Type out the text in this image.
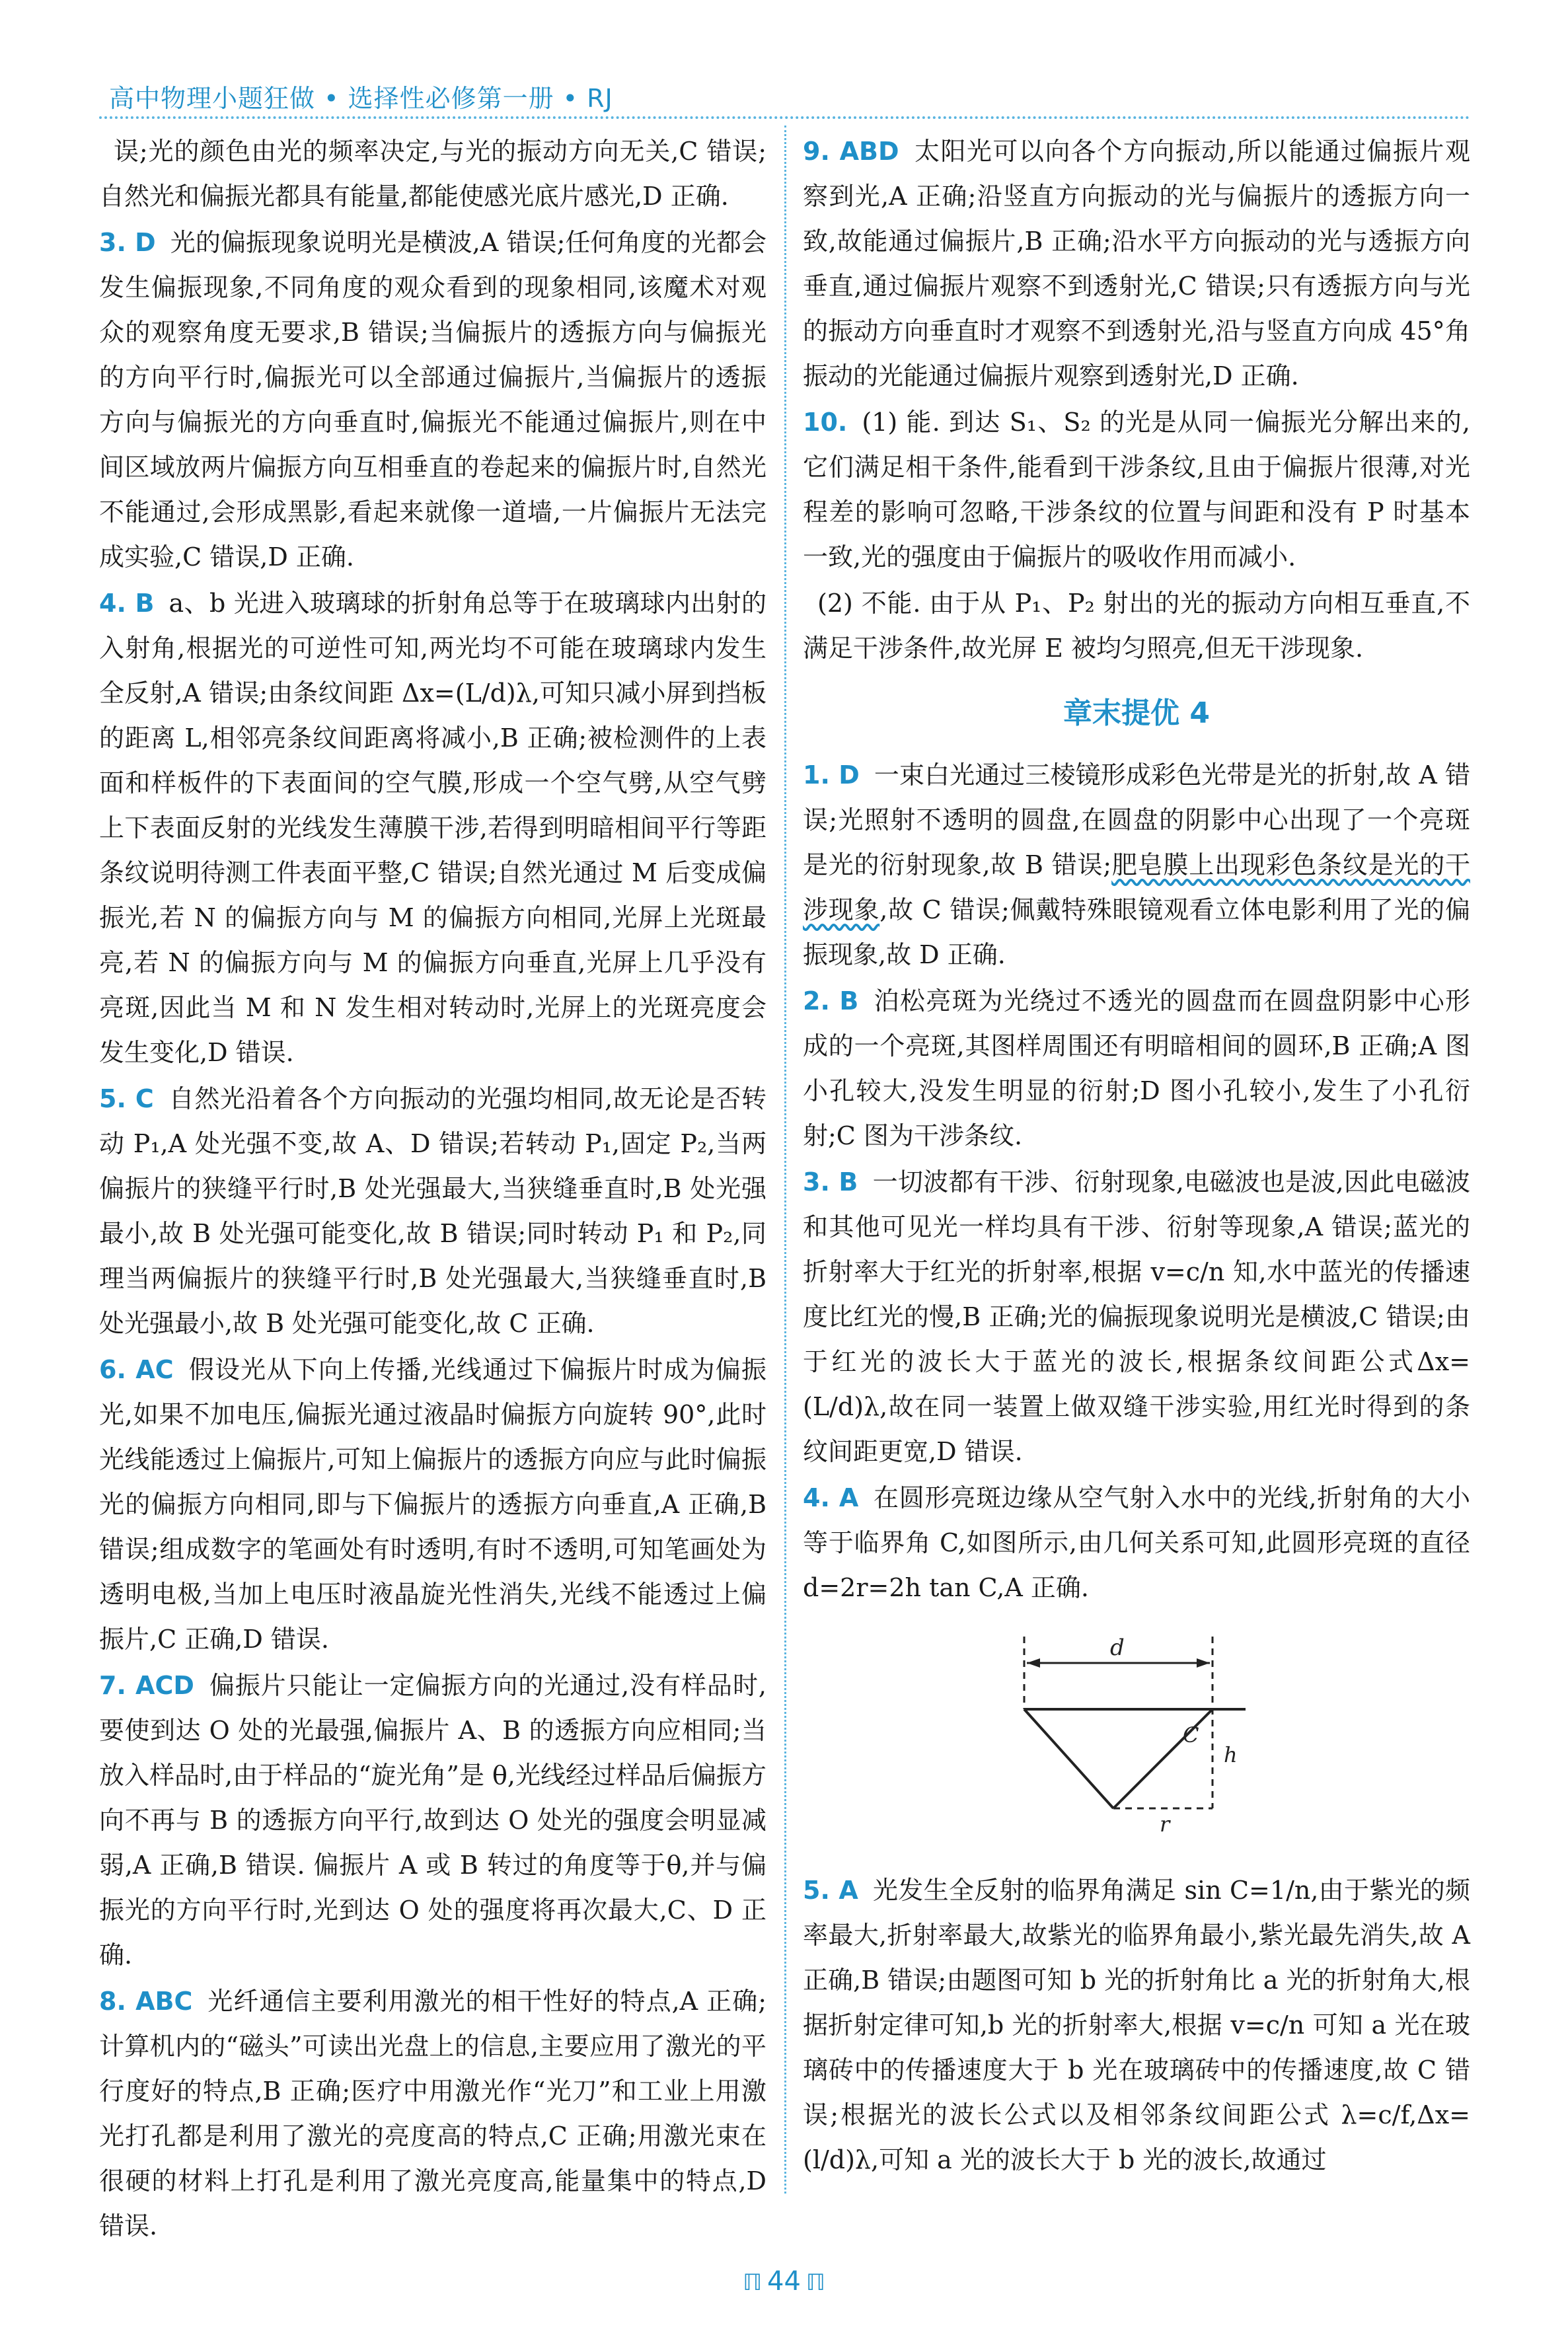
高中物理小题狂做 • 选择性必修第一册 • RJ

误;光的颜色由光的频率决定,与光的振动方向无关,C 错误;自然光和偏振光都具有能量,都能使感光底片感光,D 正确.

3. D 光的偏振现象说明光是横波,A 错误;任何角度的光都会发生偏振现象,不同角度的观众看到的现象相同,该魔术对观众的观察角度无要求,B 错误;当偏振片的透振方向与偏振光的方向平行时,偏振光可以全部通过偏振片,当偏振片的透振方向与偏振光的方向垂直时,偏振光不能通过偏振片,则在中间区域放两片偏振方向互相垂直的卷起来的偏振片时,自然光不能通过,会形成黑影,看起来就像一道墙,一片偏振片无法完成实验,C 错误,D 正确.

4. B a、b 光进入玻璃球的折射角总等于在玻璃球内出射的入射角,根据光的可逆性可知,两光均不可能在玻璃球内发生全反射,A 错误;由条纹间距 Δx=(L/d)λ,可知只减小屏到挡板的距离 L,相邻亮条纹间距离将减小,B 正确;被检测件的上表面和样板件的下表面间的空气膜,形成一个空气劈,从空气劈上下表面反射的光线发生薄膜干涉,若得到明暗相间平行等距条纹说明待测工件表面平整,C 错误;自然光通过 M 后变成偏振光,若 N 的偏振方向与 M 的偏振方向相同,光屏上光斑最亮,若 N 的偏振方向与 M 的偏振方向垂直,光屏上几乎没有亮斑,因此当 M 和 N 发生相对转动时,光屏上的光斑亮度会发生变化,D 错误.

5. C 自然光沿着各个方向振动的光强均相同,故无论是否转动 P₁,A 处光强不变,故 A、D 错误;若转动 P₁,固定 P₂,当两偏振片的狭缝平行时,B 处光强最大,当狭缝垂直时,B 处光强最小,故 B 处光强可能变化,故 B 错误;同时转动 P₁ 和 P₂,同理当两偏振片的狭缝平行时,B 处光强最大,当狭缝垂直时,B 处光强最小,故 B 处光强可能变化,故 C 正确.

6. AC 假设光从下向上传播,光线通过下偏振片时成为偏振光,如果不加电压,偏振光通过液晶时偏振方向旋转 90°,此时光线能透过上偏振片,可知上偏振片的透振方向应与此时偏振光的偏振方向相同,即与下偏振片的透振方向垂直,A 正确,B 错误;组成数字的笔画处有时透明,有时不透明,可知笔画处为透明电极,当加上电压时液晶旋光性消失,光线不能透过上偏振片,C 正确,D 错误.

7. ACD 偏振片只能让一定偏振方向的光通过,没有样品时,要使到达 O 处的光最强,偏振片 A、B 的透振方向应相同;当放入样品时,由于样品的“旋光角”是 θ,光线经过样品后偏振方向不再与 B 的透振方向平行,故到达 O 处光的强度会明显减弱,A 正确,B 错误. 偏振片 A 或 B 转过的角度等于θ,并与偏振光的方向平行时,光到达 O 处的强度将再次最大,C、D 正确.

8. ABC 光纤通信主要利用激光的相干性好的特点,A 正确;计算机内的“磁头”可读出光盘上的信息,主要应用了激光的平行度好的特点,B 正确;医疗中用激光作“光刀”和工业上用激光打孔都是利用了激光的亮度高的特点,C 正确;用激光束在很硬的材料上打孔是利用了激光亮度高,能量集中的特点,D 错误.

9. ABD 太阳光可以向各个方向振动,所以能通过偏振片观察到光,A 正确;沿竖直方向振动的光与偏振片的透振方向一致,故能通过偏振片,B 正确;沿水平方向振动的光与透振方向垂直,通过偏振片观察不到透射光,C 错误;只有透振方向与光的振动方向垂直时才观察不到透射光,沿与竖直方向成 45°角振动的光能通过偏振片观察到透射光,D 正确.

10. (1) 能. 到达 S₁、S₂ 的光是从同一偏振光分解出来的,它们满足相干条件,能看到干涉条纹,且由于偏振片很薄,对光程差的影响可忽略,干涉条纹的位置与间距和没有 P 时基本一致,光的强度由于偏振片的吸收作用而减小.

(2) 不能. 由于从 P₁、P₂ 射出的光的振动方向相互垂直,不满足干涉条件,故光屏 E 被均匀照亮,但无干涉现象.

章末提优 4

1. D 一束白光通过三棱镜形成彩色光带是光的折射,故 A 错误;光照射不透明的圆盘,在圆盘的阴影中心出现了一个亮斑是光的衍射现象,故 B 错误;肥皂膜上出现彩色条纹是光的干涉现象,故 C 错误;佩戴特殊眼镜观看立体电影利用了光的偏振现象,故 D 正确.

2. B 泊松亮斑为光绕过不透光的圆盘而在圆盘阴影中心形成的一个亮斑,其图样周围还有明暗相间的圆环,B 正确;A 图小孔较大,没发生明显的衍射;D 图小孔较小,发生了小孔衍射;C 图为干涉条纹.

3. B 一切波都有干涉、衍射现象,电磁波也是波,因此电磁波和其他可见光一样均具有干涉、衍射等现象,A 错误;蓝光的折射率大于红光的折射率,根据 v=c/n 知,水中蓝光的传播速度比红光的慢,B 正确;光的偏振现象说明光是横波,C 错误;由于红光的波长大于蓝光的波长,根据条纹间距公式Δx=(L/d)λ,故在同一装置上做双缝干涉实验,用红光时得到的条纹间距更宽,D 错误.

4. A 在圆形亮斑边缘从空气射入水中的光线,折射角的大小等于临界角 C,如图所示,由几何关系可知,此圆形亮斑的直径 d=2r=2h tan C,A 正确.

d
C
h
r

5. A 光发生全反射的临界角满足 sin C=1/n,由于紫光的频率最大,折射率最大,故紫光的临界角最小,紫光最先消失,故 A 正确,B 错误;由题图可知 b 光的折射角比 a 光的折射角大,根据折射定律可知,b 光的折射率大,根据 v=c/n 可知 a 光在玻璃砖中的传播速度大于 b 光在玻璃砖中的传播速度,故 C 错误;根据光的波长公式以及相邻条纹间距公式 λ=c/f,Δx=(l/d)λ,可知 a 光的波长大于 b 光的波长,故通过

ℿ 44 ℿ
